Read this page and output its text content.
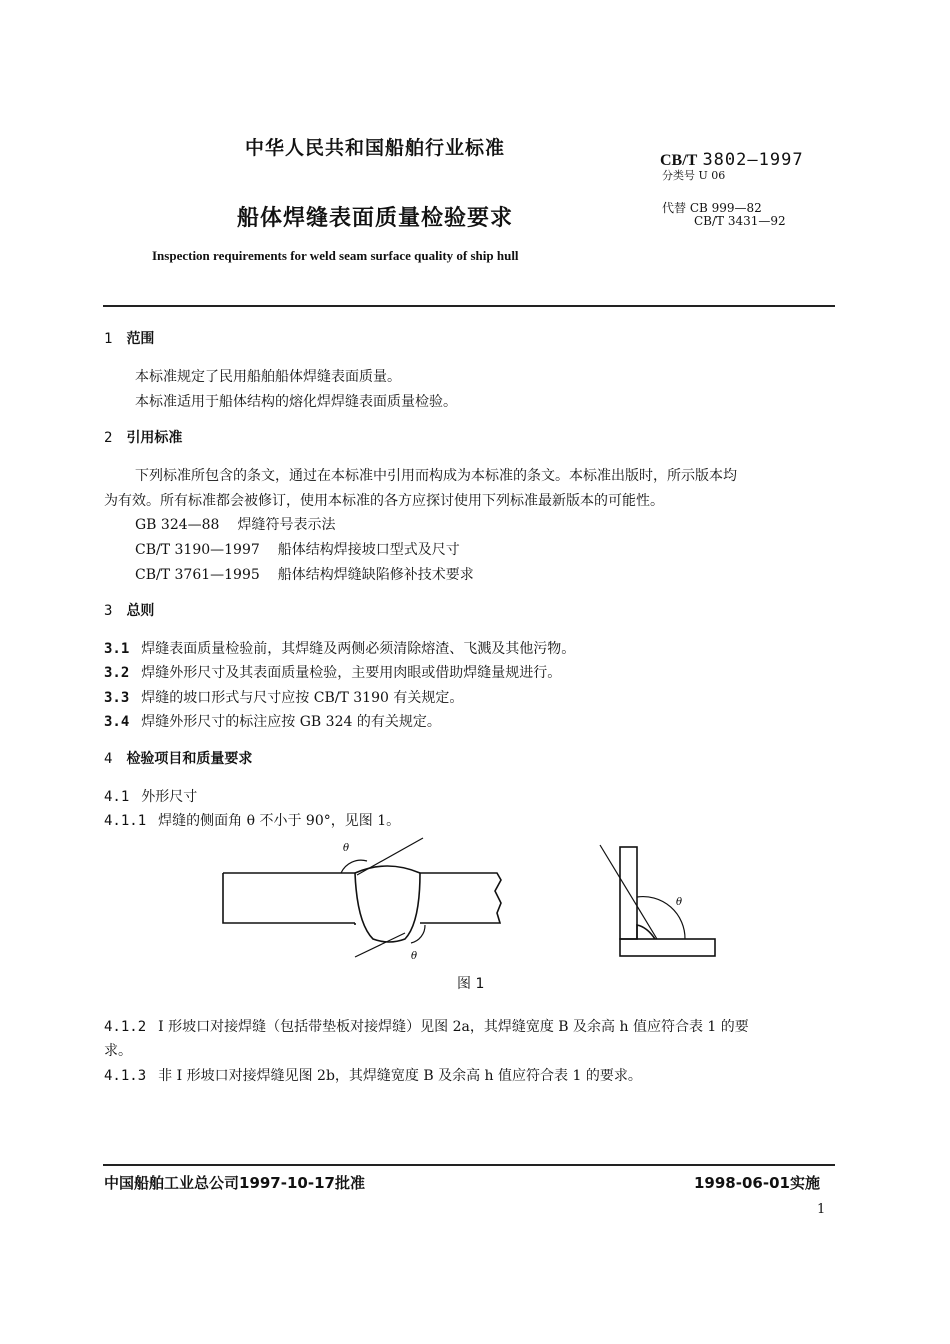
中华人民共和国船舶行业标准
CB/T 3802—1997
分类号 U 06
船体焊缝表面质量检验要求	代替 CB 999—82
CB/T 3431—92
Inspection requirements for weld seam surface quality of ship hull
1 范围
本标准规定了民用船舶船体焊缝表面质量。
本标准适用于船体结构的熔化焊焊缝表面质量检验。
2 引用标准
下列标准所包含的条文，通过在本标准中引用而构成为本标准的条文。本标准出版时，所示版本均
为有效。所有标准都会被修订，使用本标准的各方应探讨使用下列标准最新版本的可能性。
GB 324—88 焊缝符号表示法
CB/T 3190—1997 船体结构焊接坡口型式及尺寸
CB/T 3761—1995 船体结构焊缝缺陷修补技术要求
3 总则
3.1 焊缝表面质量检验前，其焊缝及两侧必须清除熔渣、飞溅及其他污物。
3.2 焊缝外形尺寸及其表面质量检验，主要用肉眼或借助焊缝量规进行。
3.3 焊缝的坡口形式与尺寸应按 CB/T 3190 有关规定。
3.4 焊缝外形尺寸的标注应按 GB 324 的有关规定。
4 检验项目和质量要求
4.1 外形尺寸
4.1.1 焊缝的侧面角 θ 不小于 90°，见图 1。
θ
θ
θ
图 1
4.1.2 I 形坡口对接焊缝（包括带垫板对接焊缝）见图 2a，其焊缝宽度 B 及余高 h 值应符合表 1 的要
求。
4.1.3 非 I 形坡口对接焊缝见图 2b，其焊缝宽度 B 及余高 h 值应符合表 1 的要求。
中国船舶工业总公司1997-10-17批准	1998-06-01实施
1
